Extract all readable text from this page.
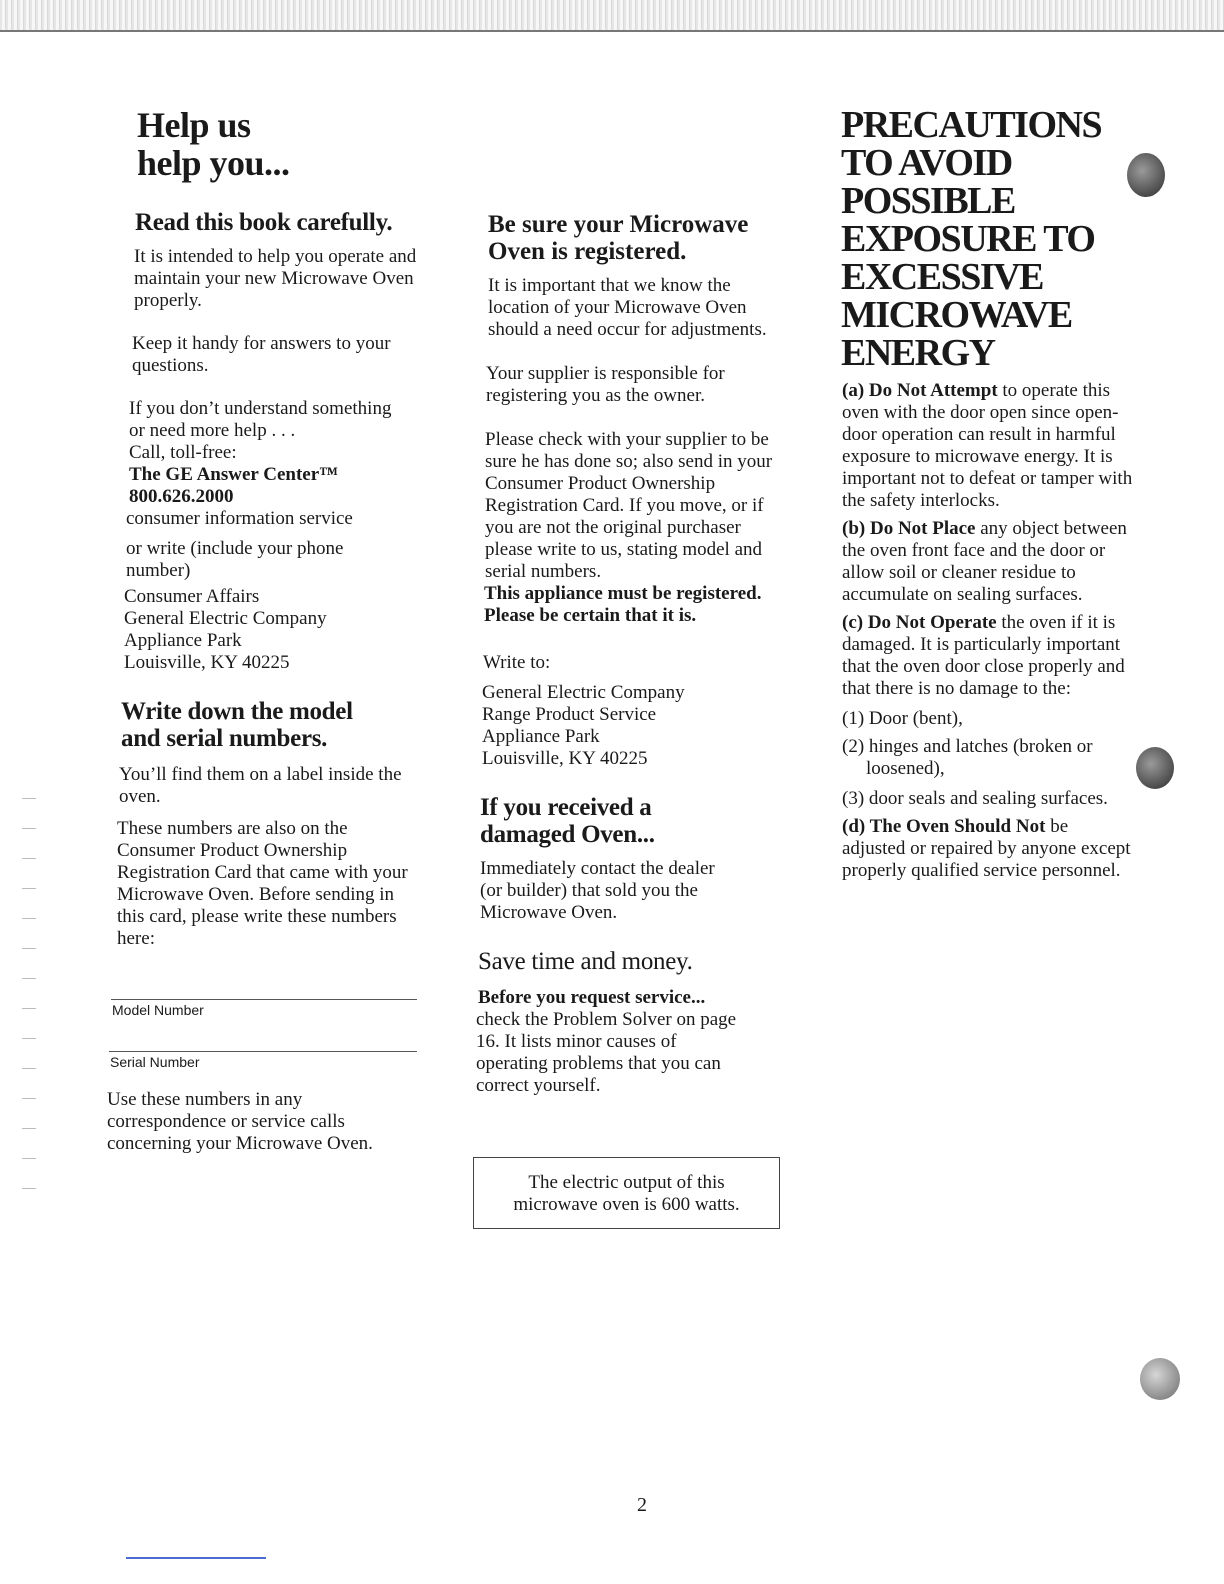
Help us
help you...
Read this book carefully.

It is intended to help you operate and maintain your new Microwave Oven properly.

Keep it handy for answers to your questions.

If you don’t understand something

or need more help . . .

Call, toll-free:

The GE Answer Center™

800.626.2000

consumer information service

or write (include your phone number)

Consumer Affairs

General Electric Company

Appliance Park

Louisville, KY 40225

Write down the model
and serial numbers.

You’ll find them on a label inside the oven.

These numbers are also on the Consumer Product Ownership Registration Card that came with your Microwave Oven. Before sending in this card, please write these numbers here:

Model Number
Serial Number

Use these numbers in any correspondence or service calls concerning your Microwave Oven.

Be sure your Microwave
Oven is registered.

It is important that we know the location of your Microwave Oven should a need occur for adjustments.

Your supplier is responsible for registering you as the owner.

Please check with your supplier to be sure he has done so; also send in your Consumer Product Ownership Registration Card. If you move, or if you are not the original purchaser please write to us, stating model and serial numbers.

This appliance must be registered. Please be certain that it is.

Write to:

General Electric Company

Range Product Service

Appliance Park

Louisville, KY 40225

If you received a
damaged Oven...

Immediately contact the dealer (or builder) that sold you the Microwave Oven.

Save time and money.

Before you request service...

check the Problem Solver on page 16. It lists minor causes of operating problems that you can correct yourself.

The electric output of this

microwave oven is 600 watts.

PRECAUTIONS
TO AVOID
POSSIBLE
EXPOSURE TO
EXCESSIVE
MICROWAVE
ENERGY

(a) Do Not Attempt to operate this oven with the door open since open-door operation can result in harmful exposure to microwave energy. It is important not to defeat or tamper with the safety interlocks.

(b) Do Not Place any object between the oven front face and the door or allow soil or cleaner residue to accumulate on sealing surfaces.

(c) Do Not Operate the oven if it is damaged. It is particularly important that the oven door close properly and that there is no damage to the:

(1) Door (bent),

(2) hinges and latches (broken or loosened),

(3) door seals and sealing surfaces.

(d) The Oven Should Not be adjusted or repaired by anyone except properly qualified service personnel.

2
